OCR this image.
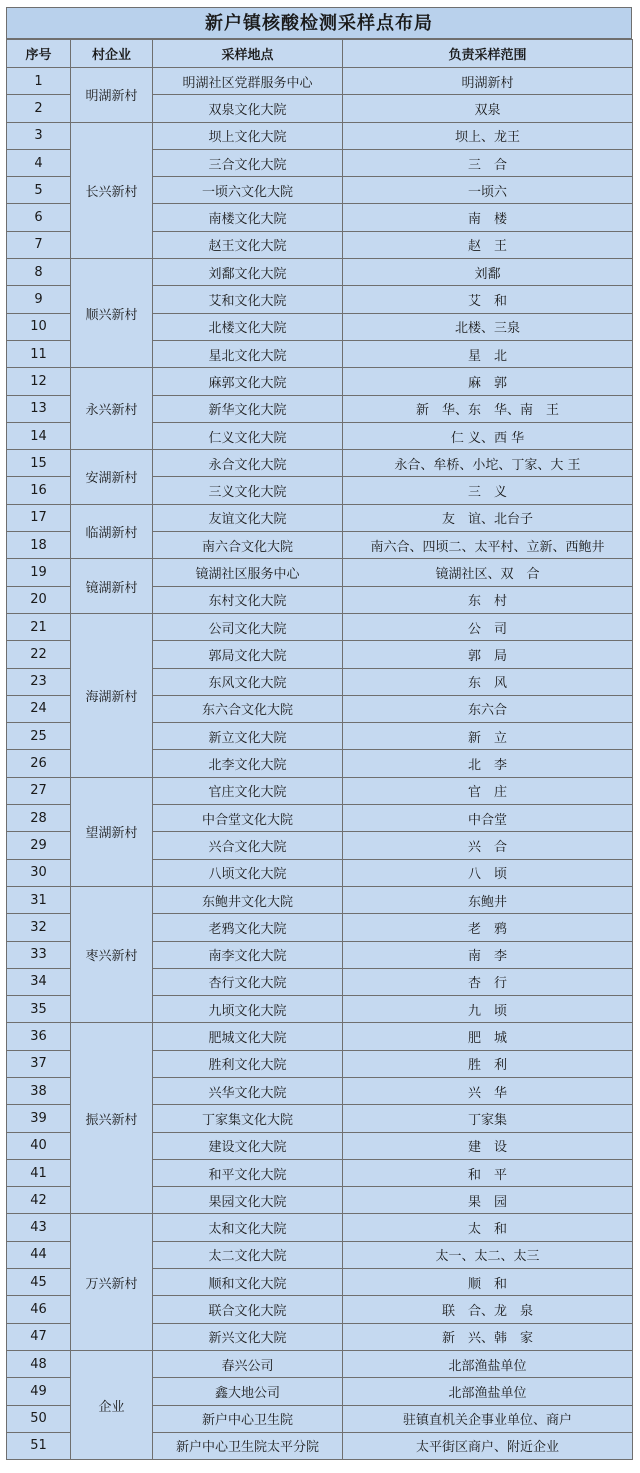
新户镇核酸检测采样点布局
序号	村企业	采样地点	负责采样范围
1	明湖新村	明湖社区党群服务中心	明湖新村
2		双泉文化大院	双泉
3	长兴新村	坝上文化大院	坝上、龙王
4		三合文化大院	三　合
5		一顷六文化大院	一顷六
6		南楼文化大院	南　楼
7		赵王文化大院	赵　王
8	顺兴新村	刘鄱文化大院	刘鄱
9		艾和文化大院	艾　和
10		北楼文化大院	北楼、三泉
11		星北文化大院	星　北
12	永兴新村	麻郭文化大院	麻　郭
13		新华文化大院	新　华、东　华、南　王
14		仁义文化大院	仁 义、西 华
15	安湖新村	永合文化大院	永合、牟桥、小坨、丁家、大 王
16		三义文化大院	三　义
17	临湖新村	友谊文化大院	友　谊、北台子
18		南六合文化大院	南六合、四顷二、太平村、立新、西鲍井
19	镜湖新村	镜湖社区服务中心	镜湖社区、双　合
20		东村文化大院	东　村
21	海湖新村	公司文化大院	公　司
22		郭局文化大院	郭　局
23		东风文化大院	东　风
24		东六合文化大院	东六合
25		新立文化大院	新　立
26		北李文化大院	北　李
27	望湖新村	官庄文化大院	官　庄
28		中合堂文化大院	中合堂
29		兴合文化大院	兴　合
30		八顷文化大院	八　顷
31	枣兴新村	东鲍井文化大院	东鲍井
32		老鸦文化大院	老　鸦
33		南李文化大院	南　李
34		杏行文化大院	杏　行
35		九顷文化大院	九　顷
36	振兴新村	肥城文化大院	肥　城
37		胜利文化大院	胜　利
38		兴华文化大院	兴　华
39		丁家集文化大院	丁家集
40		建设文化大院	建　设
41		和平文化大院	和　平
42		果园文化大院	果　园
43	万兴新村	太和文化大院	太　和
44		太二文化大院	太一、太二、太三
45		顺和文化大院	顺　和
46		联合文化大院	联　合、龙　泉
47		新兴文化大院	新　兴、韩　家
48	企业	春兴公司	北部渔盐单位
49		鑫大地公司	北部渔盐单位
50		新户中心卫生院	驻镇直机关企事业单位、商户
51		新户中心卫生院太平分院	太平街区商户、附近企业
